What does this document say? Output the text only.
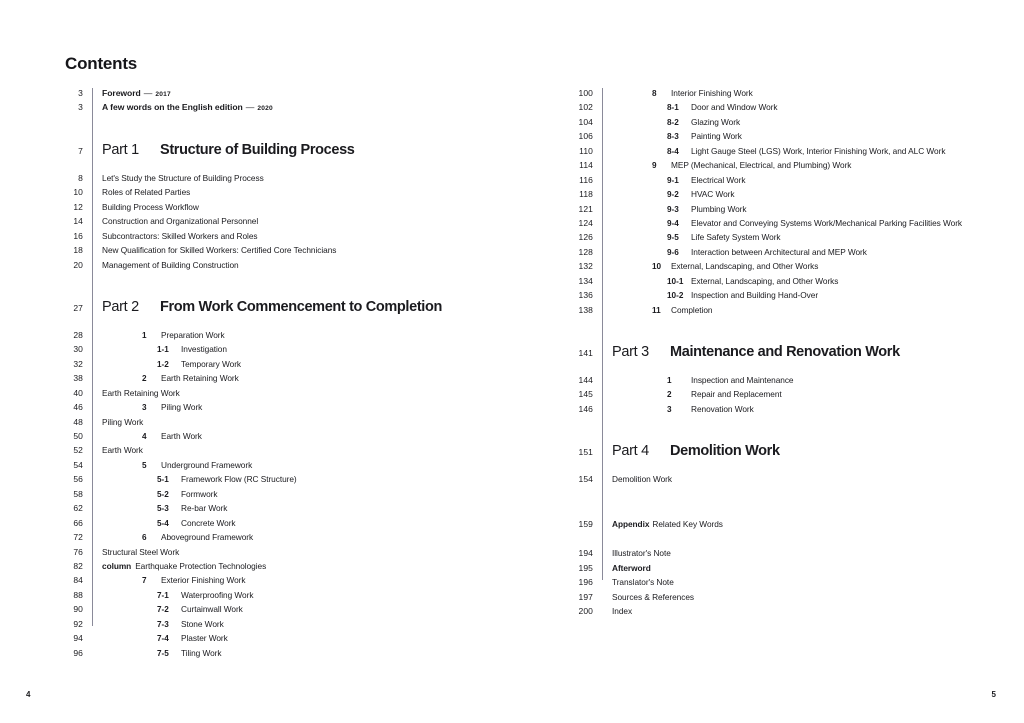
Contents
3 Foreword — 2017
3 A few words on the English edition — 2020
7 Part 1	Structure of Building Process
8 Let's Study the Structure of Building Process
10 Roles of Related Parties
12 Building Process Workflow
14 Construction and Organizational Personnel
16 Subcontractors: Skilled Workers and Roles
18 New Qualification for Skilled Workers: Certified Core Technicians
20 Management of Building Construction
27 Part 2	From Work Commencement to Completion
28	1	Preparation Work
30	1-1	Investigation
32	1-2	Temporary Work
38	2	Earth Retaining Work
40 Earth Retaining Work
46	3	Piling Work
48 Piling Work
50	4	Earth Work
52 Earth Work
54	5	Underground Framework
56	5-1	Framework Flow (RC Structure)
58	5-2	Formwork
62	5-3	Re-bar Work
66	5-4	Concrete Work
72	6	Aboveground Framework
76 Structural Steel Work
82 column Earthquake Protection Technologies
84	7	Exterior Finishing Work
88	7-1	Waterproofing Work
90	7-2	Curtainwall Work
92	7-3	Stone Work
94	7-4	Plaster Work
96	7-5	Tiling Work
100	8	Interior Finishing Work
102	8-1	Door and Window Work
104	8-2	Glazing Work
106	8-3	Painting Work
110	8-4	Light Gauge Steel (LGS) Work, Interior Finishing Work, and ALC Work
114	9	MEP (Mechanical, Electrical, and Plumbing) Work
116	9-1	Electrical Work
118	9-2	HVAC Work
121	9-3	Plumbing Work
124	9-4	Elevator and Conveying Systems Work/Mechanical Parking Facilities Work
126	9-5	Life Safety System Work
128	9-6	Interaction between Architectural and MEP Work
132	10	External, Landscaping, and Other Works
134	10-1 External, Landscaping, and Other Works
136	10-2 Inspection and Building Hand-Over
138	11	Completion
141 Part 3	Maintenance and Renovation Work
144	1	Inspection and Maintenance
145	2	Repair and Replacement
146	3	Renovation Work
151 Part 4	Demolition Work
154 Demolition Work
159 Appendix Related Key Words
194 Illustrator's Note
195 Afterword
196 Translator's Note
197 Sources & References
200 Index
4	5
